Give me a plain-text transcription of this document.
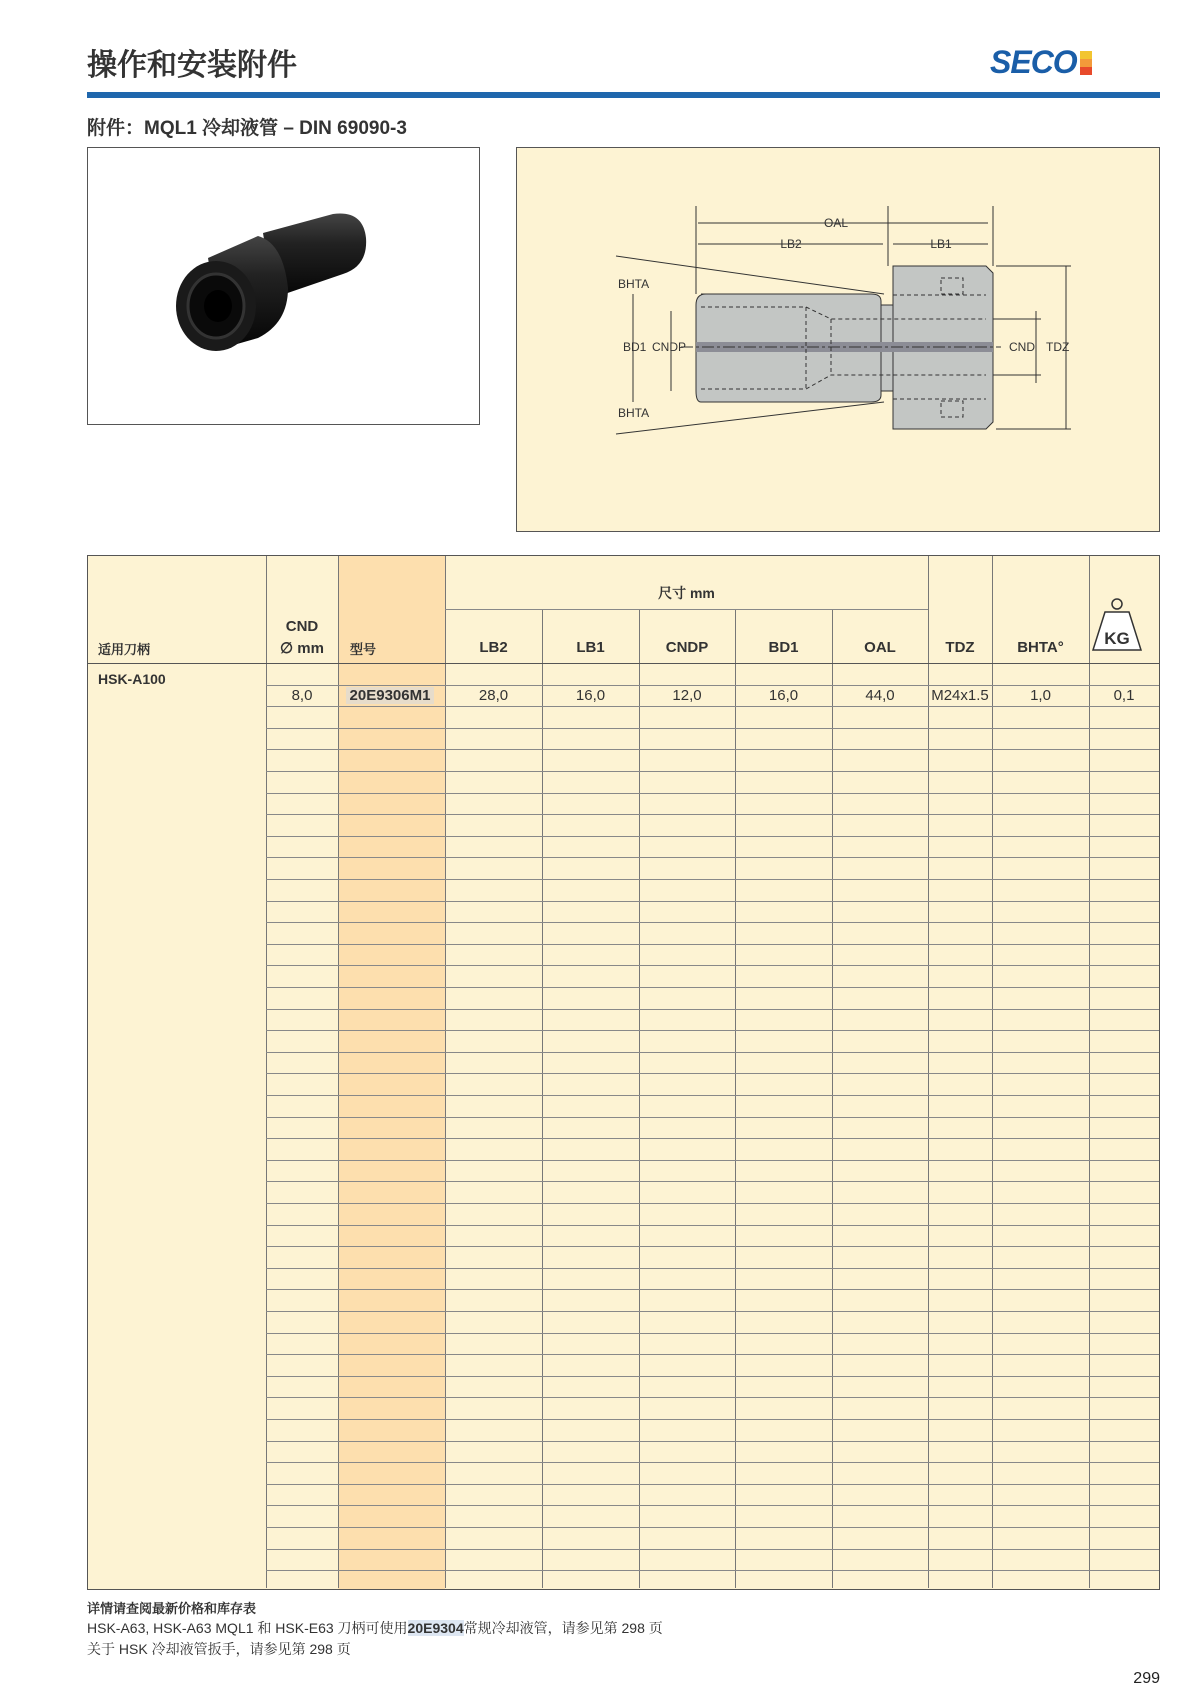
操作和安装附件	SECO
附件：MQL1 冷却液管 – DIN 69090-3
OAL
LB2	LB1
BHTA
BHTA
BD1 CNDP	CND TDZ
适用刀柄
CND
∅ mm	型号
尺寸 mm
LB2	LB1	CNDP	BD1	OAL	TDZ	BHTA°	KG
HSK-A100
8,0	20E9306M1	28,0	16,0	12,0	16,0	44,0	M24x1.5	1,0	0,1
详情请查阅最新价格和库存表
HSK-A63, HSK-A63 MQL1 和 HSK-E63 刀柄可使用20E9304常规冷却液管，请参见第 298 页
关于 HSK 冷却液管扳手，请参见第 298 页
299
